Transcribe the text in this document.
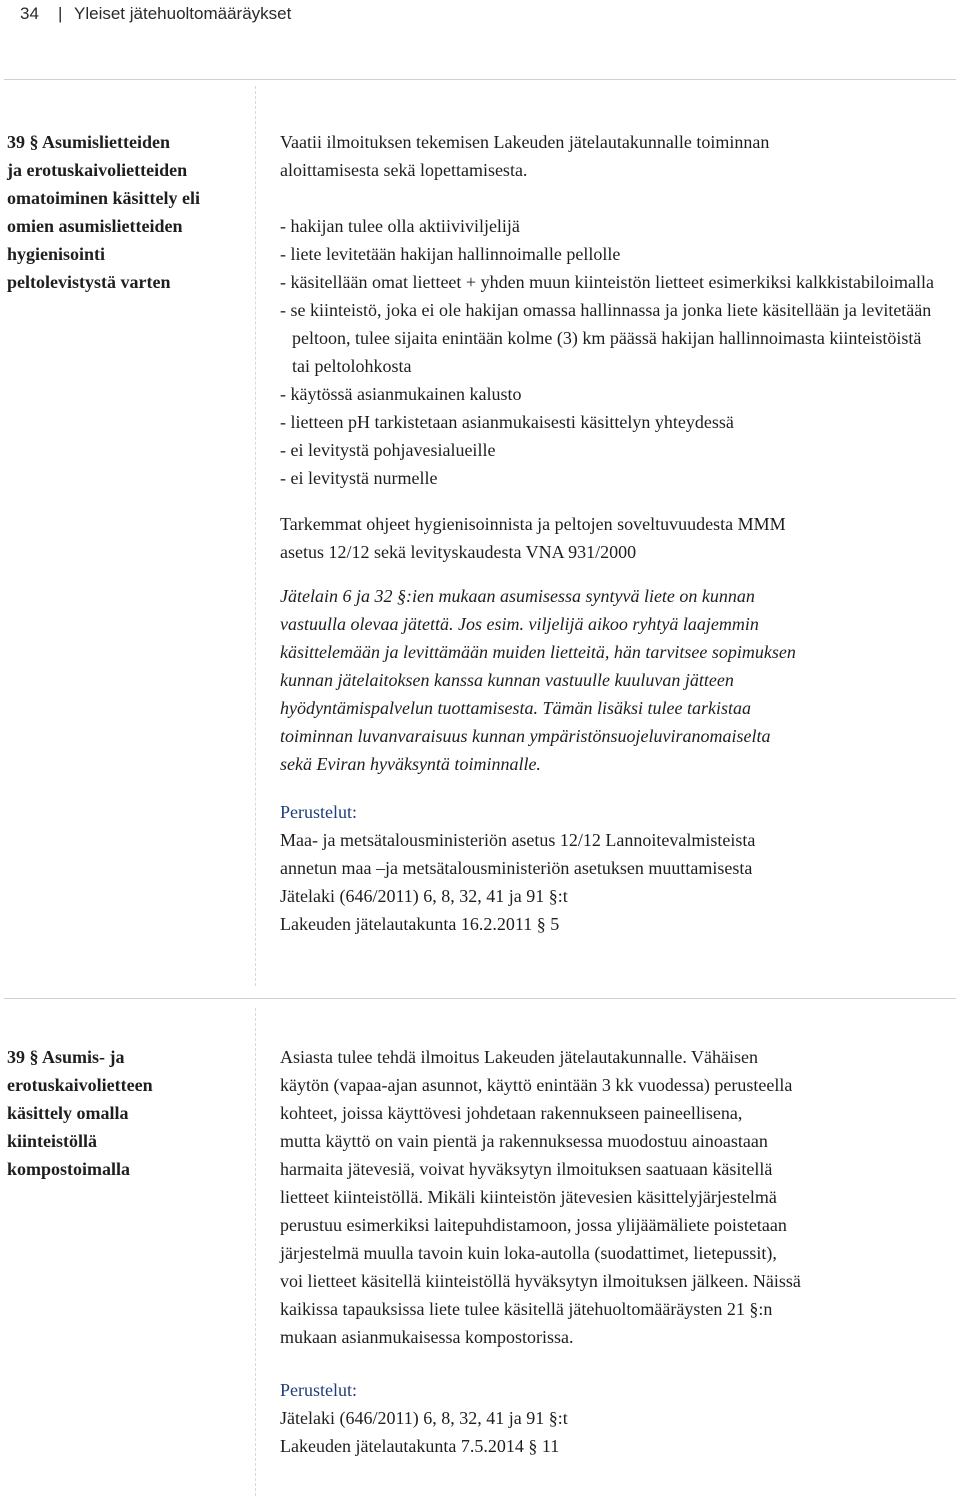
34 | Yleiset jätehuoltomääräykset
39 § Asumislietteiden
ja erotuskaivolietteiden
omatoiminen käsittely eli
omien asumislietteiden
hygienisointi
peltolevistystä varten

Vaatii ilmoituksen tekemisen Lakeuden jätelautakunnalle toiminnan
aloittamisesta sekä lopettamisesta.

- hakijan tulee olla aktiiviviljelijä
- liete levitetään hakijan hallinnoimalle pellolle
- käsitellään omat lietteet + yhden muun kiinteistön lietteet esimerkiksi kalkkistabiloimalla
- se kiinteistö, joka ei ole hakijan omassa hallinnassa ja jonka liete käsitellään ja levitetään peltoon, tulee sijaita enintään kolme (3) km päässä hakijan hallinnoimasta kiinteistöistä tai peltolohkosta
- käytössä asianmukainen kalusto
- lietteen pH tarkistetaan asianmukaisesti käsittelyn yhteydessä
- ei levitystä pohjavesialueille
- ei levitystä nurmelle

Tarkemmat ohjeet hygienisoinnista ja peltojen soveltuvuudesta MMM
asetus 12/12 sekä levityskaudesta VNA 931/2000

Jätelain 6 ja 32 §:ien mukaan asumisessa syntyvä liete on kunnan
vastuulla olevaa jätettä. Jos esim. viljelijä aikoo ryhtyä laajemmin
käsittelemään ja levittämään muiden lietteitä, hän tarvitsee sopimuksen
kunnan jätelaitoksen kanssa kunnan vastuulle kuuluvan jätteen
hyödyntämispalvelun tuottamisesta. Tämän lisäksi tulee tarkistaa
toiminnan luvanvaraisuus kunnan ympäristönsuojeluviranomaiselta
sekä Eviran hyväksyntä toiminnalle.

Perustelut:

Maa- ja metsätalousministeriön asetus 12/12 Lannoitevalmisteista
annetun maa –ja metsätalousministeriön asetuksen muuttamisesta
Jätelaki (646/2011) 6, 8, 32, 41 ja 91 §:t
Lakeuden jätelautakunta 16.2.2011 § 5

39 § Asumis- ja
erotuskaivolietteen
käsittely omalla
kiinteistöllä
kompostoimalla

Asiasta tulee tehdä ilmoitus Lakeuden jätelautakunnalle. Vähäisen
käytön (vapaa-ajan asunnot, käyttö enintään 3 kk vuodessa) perusteella
kohteet, joissa käyttövesi johdetaan rakennukseen paineellisena,
mutta käyttö on vain pientä ja rakennuksessa muodostuu ainoastaan
harmaita jätevesiä, voivat hyväksytyn ilmoituksen saatuaan käsitellä
lietteet kiinteistöllä. Mikäli kiinteistön jätevesien käsittelyjärjestelmä
perustuu esimerkiksi laitepuhdistamoon, jossa ylijäämäliete poistetaan
järjestelmä muulla tavoin kuin loka-autolla (suodattimet, lietepussit),
voi lietteet käsitellä kiinteistöllä hyväksytyn ilmoituksen jälkeen. Näissä
kaikissa tapauksissa liete tulee käsitellä jätehuoltomääräysten 21 §:n
mukaan asianmukaisessa kompostorissa.

Perustelut:

Jätelaki (646/2011) 6, 8, 32, 41 ja 91 §:t
Lakeuden jätelautakunta 7.5.2014 § 11
